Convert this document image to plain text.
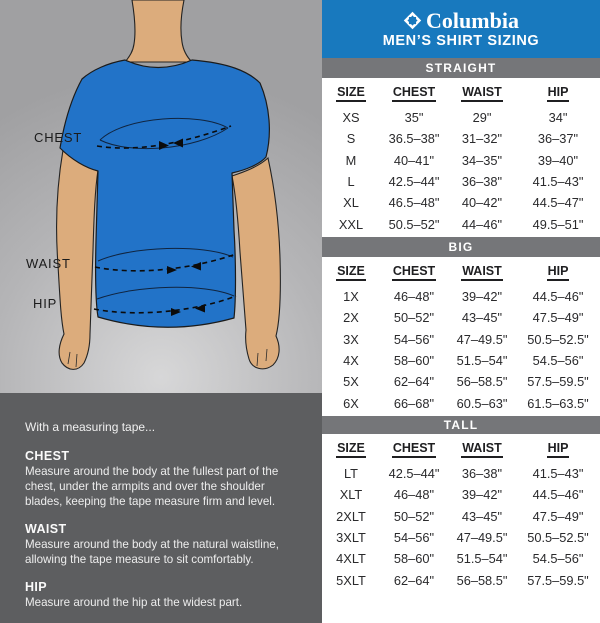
CHEST
WAIST
HIP

With a measuring tape...

CHEST

Measure around the body at the fullest part of the chest, under the armpits and over the shoulder blades, keeping the tape measure firm and level.

WAIST

Measure around the body at the natural waistline, allowing the tape measure to sit comfortably.

HIP

Measure around the hip at the widest part.

Columbia
MEN’S SHIRT SIZING
STRAIGHT
SIZE CHEST WAIST	HIP
XS	35"	29"	34"
S	36.5–38"	31–32"	36–37"
M	40–41"	34–35"	39–40"
L	42.5–44"	36–38"	41.5–43"
XL	46.5–48"	40–42"	44.5–47"
XXL	50.5–52"	44–46"	49.5–51"
BIG
SIZE CHEST WAIST	HIP
1X	46–48"	39–42"	44.5–46"
2X	50–52"	43–45"	47.5–49"
3X	54–56"	47–49.5"	50.5–52.5"
4X	58–60"	51.5–54"	54.5–56"
5X	62–64"	56–58.5"	57.5–59.5"
6X	66–68"	60.5–63"	61.5–63.5"
TALL
SIZE CHEST WAIST	HIP
LT	42.5–44"	36–38"	41.5–43"
XLT	46–48"	39–42"	44.5–46"
2XLT	50–52"	43–45"	47.5–49"
3XLT	54–56"	47–49.5"	50.5–52.5"
4XLT	58–60"	51.5–54"	54.5–56"
5XLT	62–64"	56–58.5"	57.5–59.5"
